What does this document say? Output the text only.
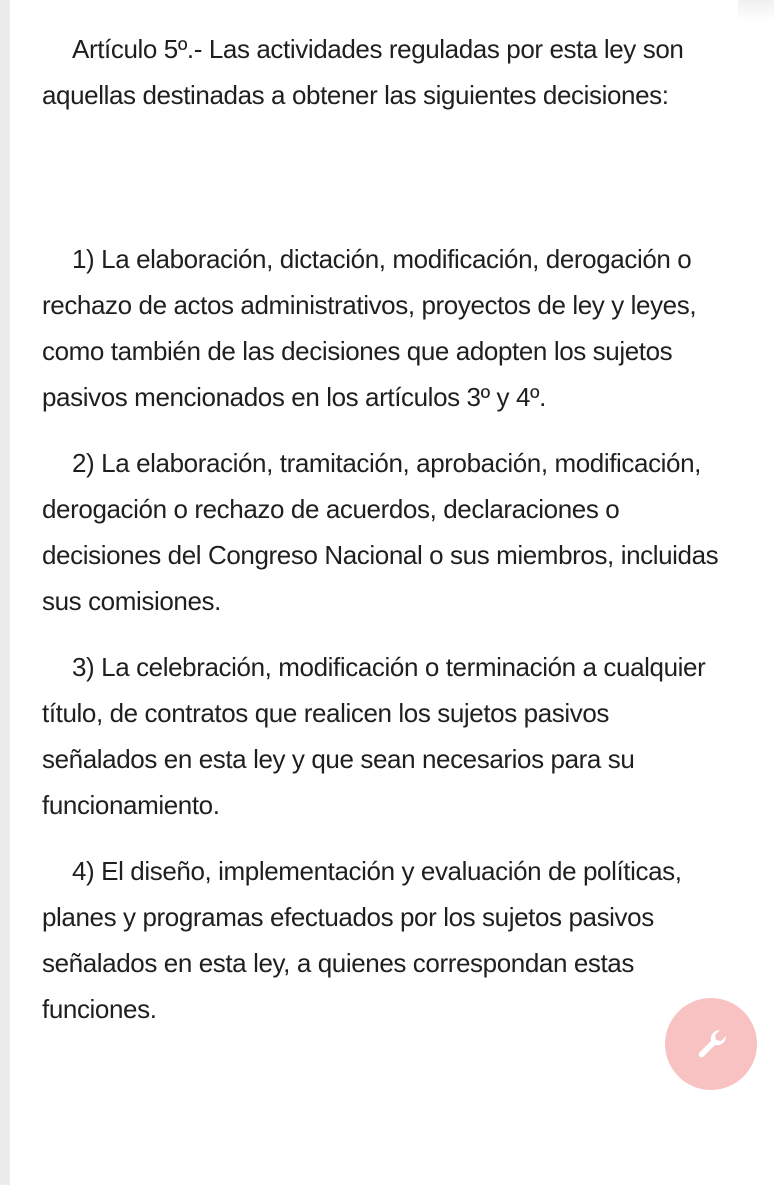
Artículo 5º.- Las actividades reguladas por esta ley son aquellas destinadas a obtener las siguientes decisiones:

1) La elaboración, dictación, modificación, derogación o rechazo de actos administrativos, proyectos de ley y leyes, como también de las decisiones que adopten los sujetos pasivos mencionados en los artículos 3º y 4º.

2) La elaboración, tramitación, aprobación, modificación, derogación o rechazo de acuerdos, declaraciones o decisiones del Congreso Nacional o sus miembros, incluidas sus comisiones.

3) La celebración, modificación o terminación a cualquier título, de contratos que realicen los sujetos pasivos señalados en esta ley y que sean necesarios para su funcionamiento.

4) El diseño, implementación y evaluación de políticas, planes y programas efectuados por los sujetos pasivos señalados en esta ley, a quienes correspondan estas funciones.
